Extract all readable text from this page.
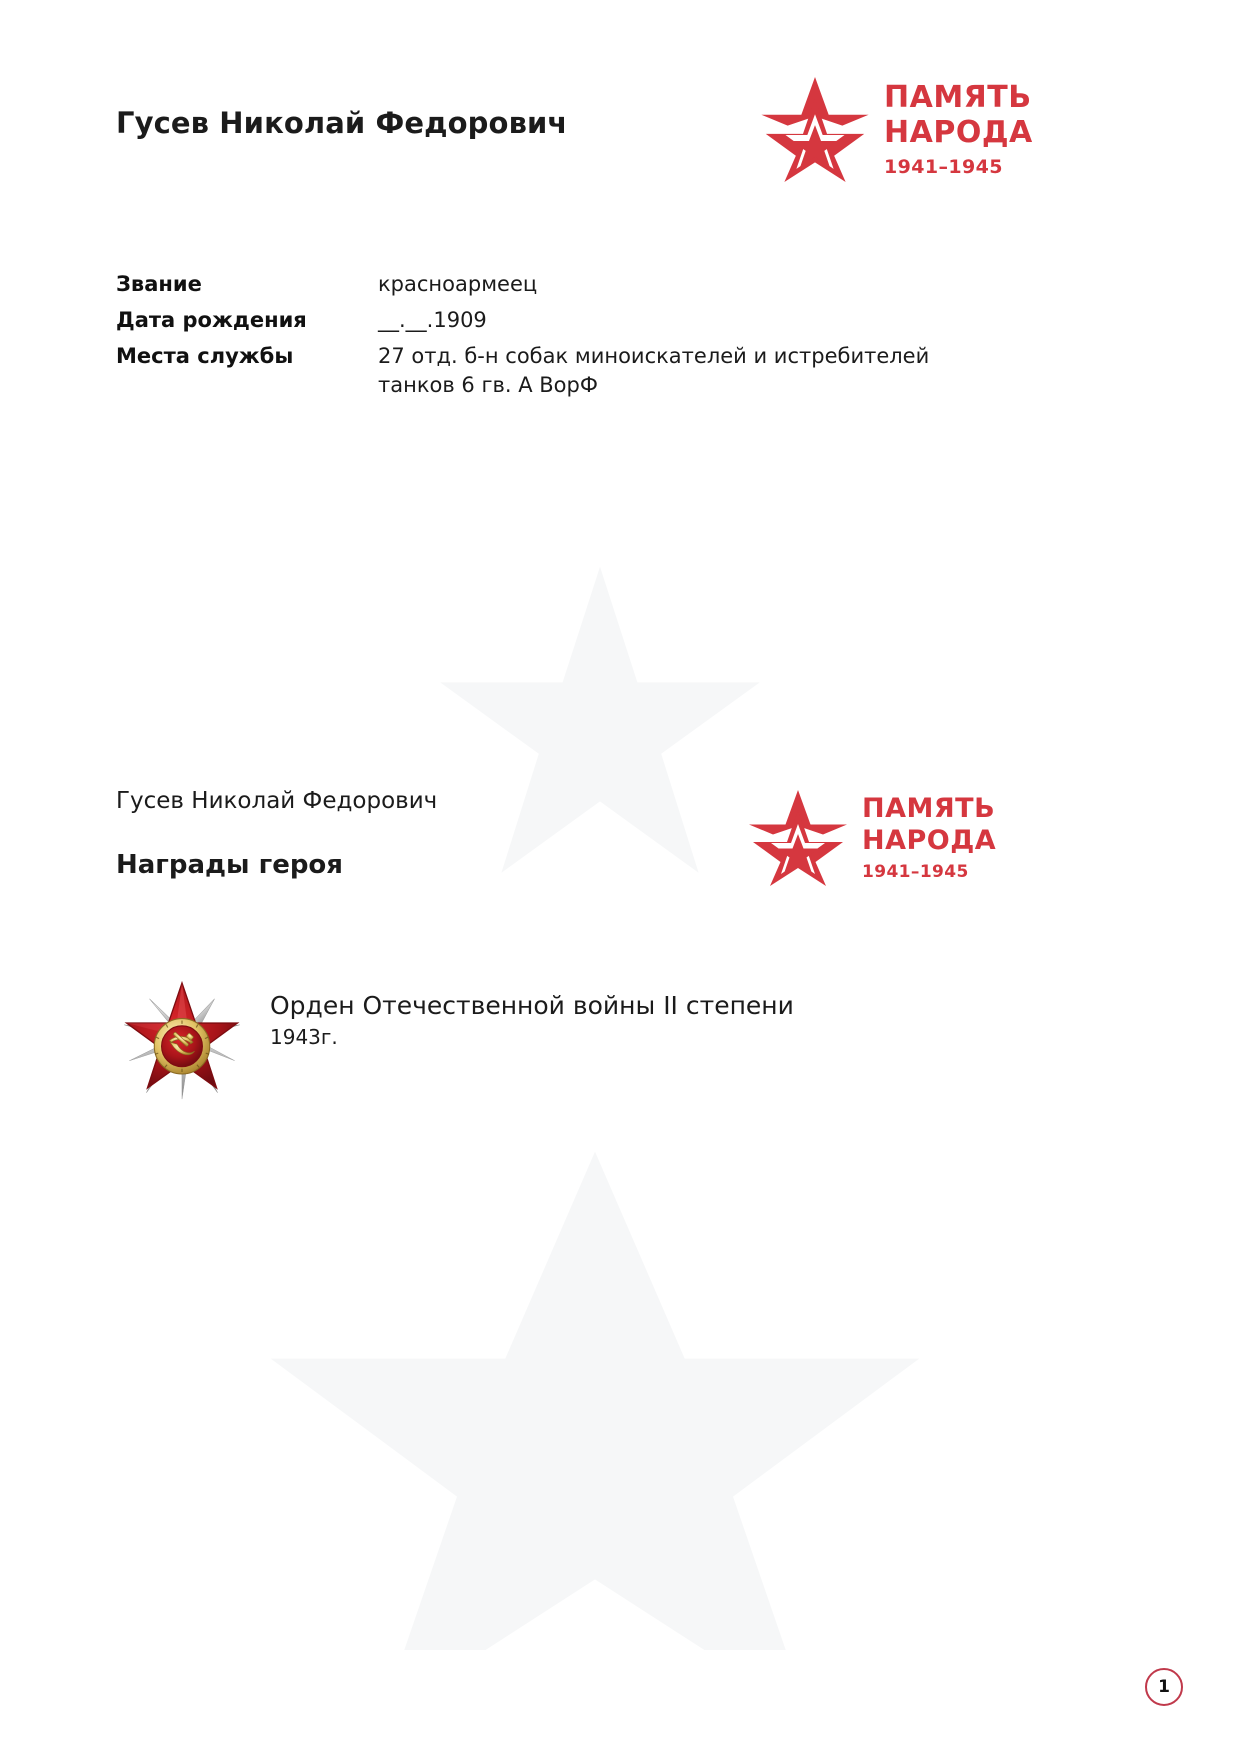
Гусев Николай Федорович
ПАМЯТЬ
НАРОДА
1941–1945
Звание	красноармеец
Дата рождения	__.__.1909
Места службы	27 отд. б-н собак миноискателей и истребителей танков 6 гв. А ВорФ
Гусев Николай Федорович
Награды героя
ПАМЯТЬ
НАРОДА
1941–1945
Орден Отечественной войны II степени
1943г.
1
